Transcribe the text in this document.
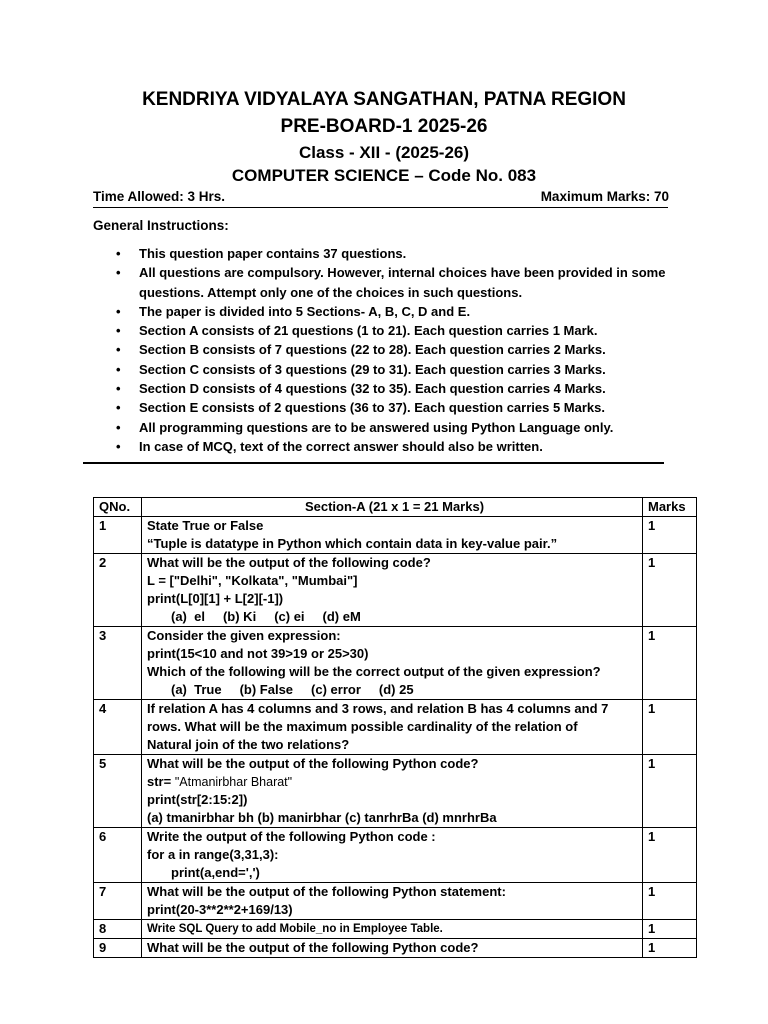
KENDRIYA VIDYALAYA SANGATHAN, PATNA REGION
PRE-BOARD-1 2025-26
Class - XII - (2025-26)
COMPUTER SCIENCE – Code No. 083
Time Allowed: 3 Hrs.	Maximum Marks: 70
General Instructions:
• This question paper contains 37 questions.
• All questions are compulsory. However, internal choices have been provided in some questions. Attempt only one of the choices in such questions.
• The paper is divided into 5 Sections- A, B, C, D and E.
• Section A consists of 21 questions (1 to 21). Each question carries 1 Mark.
• Section B consists of 7 questions (22 to 28). Each question carries 2 Marks.
• Section C consists of 3 questions (29 to 31). Each question carries 3 Marks.
• Section D consists of 4 questions (32 to 35). Each question carries 4 Marks.
• Section E consists of 2 questions (36 to 37). Each question carries 5 Marks.
• All programming questions are to be answered using Python Language only.
• In case of MCQ, text of the correct answer should also be written.
QNo.	Section-A (21 x 1 = 21 Marks)	Marks
1	State True or False
“Tuple is datatype in Python which contain data in key-value pair.”	1
2	What will be the output of the following code?
L = ["Delhi", "Kolkata", "Mumbai"]
print(L[0][1] + L[2][-1])
(a)  el (b) Ki (c) ei (d) eM	1
3	Consider the given expression:
print(15<10 and not 39>19 or 25>30)
Which of the following will be the correct output of the given expression?
(a)  True (b) False (c) error (d) 25	1
4	If relation A has 4 columns and 3 rows, and relation B has 4 columns and 7
rows. What will be the maximum possible cardinality of the relation of
Natural join of the two relations?	1
5	What will be the output of the following Python code?
str= "Atmanirbhar Bharat"
print(str[2:15:2])
(a) tmanirbhar bh (b) manirbhar (c) tanrhrBa (d) mnrhrBa	1
6	Write the output of the following Python code :
for a in range(3,31,3):
print(a,end=',')	1
7	What will be the output of the following Python statement:
print(20-3**2**2+169/13)	1
8	Write SQL Query to add Mobile_no in Employee Table.	1
9	What will be the output of the following Python code?	1
